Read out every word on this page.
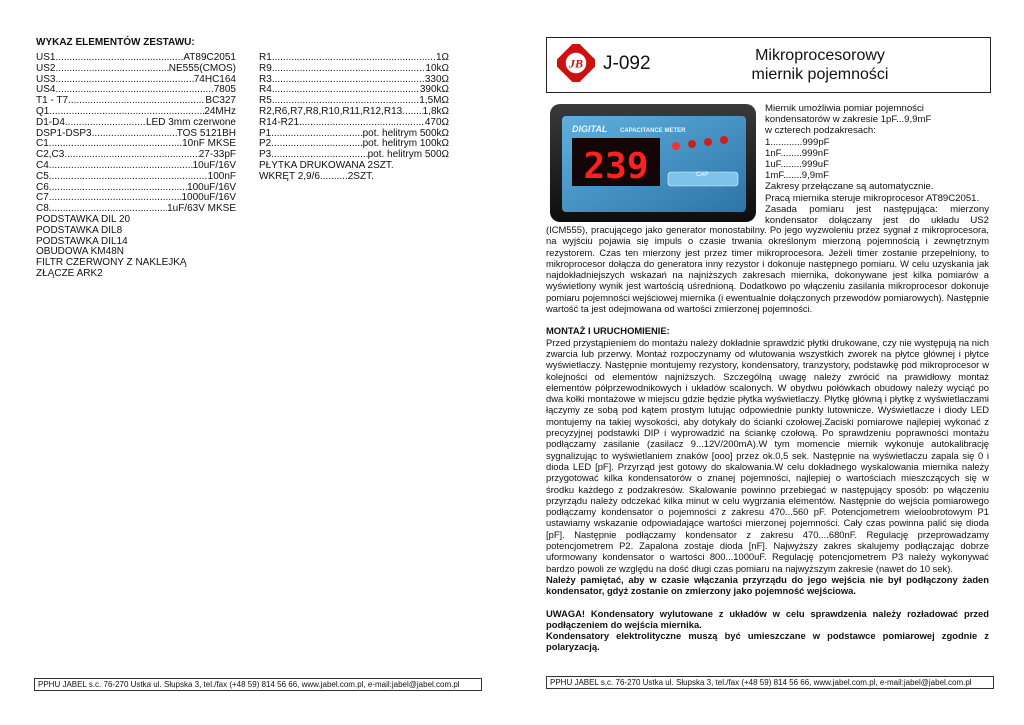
WYKAZ ELEMENTÓW ZESTAWU:
US1 .....	AT89C2051
US2 .....	NE555(CMOS)
US3 .....	74HC164
US4 .....	7805
T1 - T7 .....	BC327
Q1 .....	24MHz
D1-D4 .....	LED 3mm czerwone
DSP1-DSP3 .....	TOS 5121BH
C1 .....	10nF MKSE
C2,C3 .....	27-33pF
C4 .....	10uF/16V
C5 .....	100nF
C6 .....	100uF/16V
C7 .....	1000uF/16V
C8 .....	1uF/63V MKSE
PODSTAWKA DIL 20
PODSTAWKA DIL8
PODSTAWKA DIL14
OBUDOWA KM48N
FILTR CZERWONY Z NAKLEJKĄ
ZŁĄCZE ARK2
R1 .....	1Ω
R9 .....	10kΩ
R3 .....	330Ω
R4 .....	390kΩ
R5 .....	1,5MΩ
R2,R6,R7,R8,R10,R11,R12,R13 ..... 1,8kΩ
R14-R21 .....	470Ω
P1 .....	pot. helitrym 500kΩ
P2 .....	pot. helitrym 100kΩ
P3 .....	pot. helitrym 500Ω
PŁYTKA DRUKOWANA 2SZT.
WKRĘT 2,9/6..........2SZT.
PPHU JABEL s.c. 76-270 Ustka ul. Słupska 3, tel./fax (+48 59) 814 56 66, www.jabel.com.pl, e-mail:jabel@jabel.com.pl
JB J-092	Mikroprocesorowy
miernik pojemności
DIGITAL CAPACITANCE METER
239	CAP
Miernik umożliwia pomiar pojemności
kondensatorów w zakresie 1pF...9,9mF
w czterech podzakresach:
1............999pF
1nF........999nF
1uF........999uF
1mF.......9,9mF
Zakresy przełączane są automatycznie.
Pracą miernika steruje mikroprocesor AT89C2051.
Zasada pomiaru jest następująca: mierzony
kondensator dołączany jest do układu US2

(ICM555), pracującego jako generator monostabilny. Po jego wyzwoleniu przez sygnał z mikroprocesora, na wyjściu pojawia się impuls o czasie trwania określonym mierzoną pojemnością i zewnętrznym rezystorem. Czas ten mierzony jest przez timer mikroprocesora. Jeżeli timer zostanie przepełniony, to mikroprocesor dołącza do generatora inny rezystor i dokonuje następnego pomiaru. W celu uzyskania jak najdokładniejszych wskazań na najniższych zakresach miernika, dokonywane jest kilka pomiarów a wyświetlony wynik jest wartością uśrednioną. Dodatkowo po włączeniu zasilania mikroprocesor dokonuje pomiaru pojemności wejściowej miernika (i ewentualnie dołączonych przewodów pomiarowych). Następnie wartość ta jest odejmowana od wartości zmierzonej pojemności.

MONTAŻ I URUCHOMIENIE:

Przed przystąpieniem do montażu należy dokładnie sprawdzić płytki drukowane, czy nie występują na nich zwarcia lub przerwy. Montaż rozpoczynamy od wlutowania wszystkich zworek na płytce głównej i płytce wyświetlaczy. Następnie montujemy rezystory, kondensatory, tranzystory, podstawkę pod mikroprocesor w kolejności od elementów najniższych. Szczególną uwagę należy zwrócić na prawidłowy montaż elementów półprzewodnikowych i układów scalonych. W obydwu połówkach obudowy należy wyciąć po dwa kołki montażowe w miejscu gdzie będzie płytka wyświetlaczy. Płytkę główną i płytkę z wyświetlaczami łączymy ze sobą pod kątem prostym lutując odpowiednie punkty lutownicze. Wyświetlacze i diody LED montujemy na takiej wysokości, aby dotykały do ścianki czołowej.Zaciski pomiarowe najlepiej wykonać z precyzyjnej podstawki DIP i wyprowadzić na ściankę czołową. Po sprawdzeniu poprawności montażu podłączamy zasilanie (zasilacz 9...12V/200mA).W tym momencie miernik wykonuje autokalibrację sygnalizując to wyświetlaniem znaków [ooo] przez ok.0,5 sek. Następnie na wyświetlaczu zapala się 0 i dioda LED [pF]. Przyrząd jest gotowy do skalowania.W celu dokładnego wyskalowania miernika należy przygotować kilka kondensatorów o znanej pojemności, najlepiej o wartościach mieszczących się w środku każdego z podzakresów. Skalowanie powinno przebiegać w następujący sposób: po włączeniu przyrządu należy odczekać kilka minut w celu wygrzania elementów. Następnie do wejścia pomiarowego podłączamy kondensator o pojemności z zakresu 470...560 pF. Potencjometrem wieloobrotowym P1 ustawiamy wskazanie odpowiadające wartości mierzonej pojemności. Cały czas powinna palić się dioda [pF]. Następnie podłączamy kondensator z zakresu 470....680nF. Regulację przeprowadzamy potencjometrem P2. Zapalona zostaje dioda [nF]. Najwyższy zakres skalujemy podłączając dobrze uformowany kondensator o wartości 800...1000uF. Regulację potencjometrem P3 należy wykonywać bardzo powoli ze względu na dość długi czas pomiaru na najwyższym zakresie (nawet do 10 sek).

Należy pamiętać, aby w czasie włączania przyrządu do jego wejścia nie był podłączony żaden kondensator, gdyż zostanie on zmierzony jako pojemność wejściowa.

UWAGA! Kondensatory wylutowane z układów w celu sprawdzenia należy rozładować przed podłączeniem do wejścia miernika.

Kondensatory elektrolityczne muszą być umieszczane w podstawce pomiarowej zgodnie z polaryzacją.

PPHU JABEL s.c. 76-270 Ustka ul. Słupska 3, tel./fax (+48 59) 814 56 66, www.jabel.com.pl, e-mail:jabel@jabel.com.pl
